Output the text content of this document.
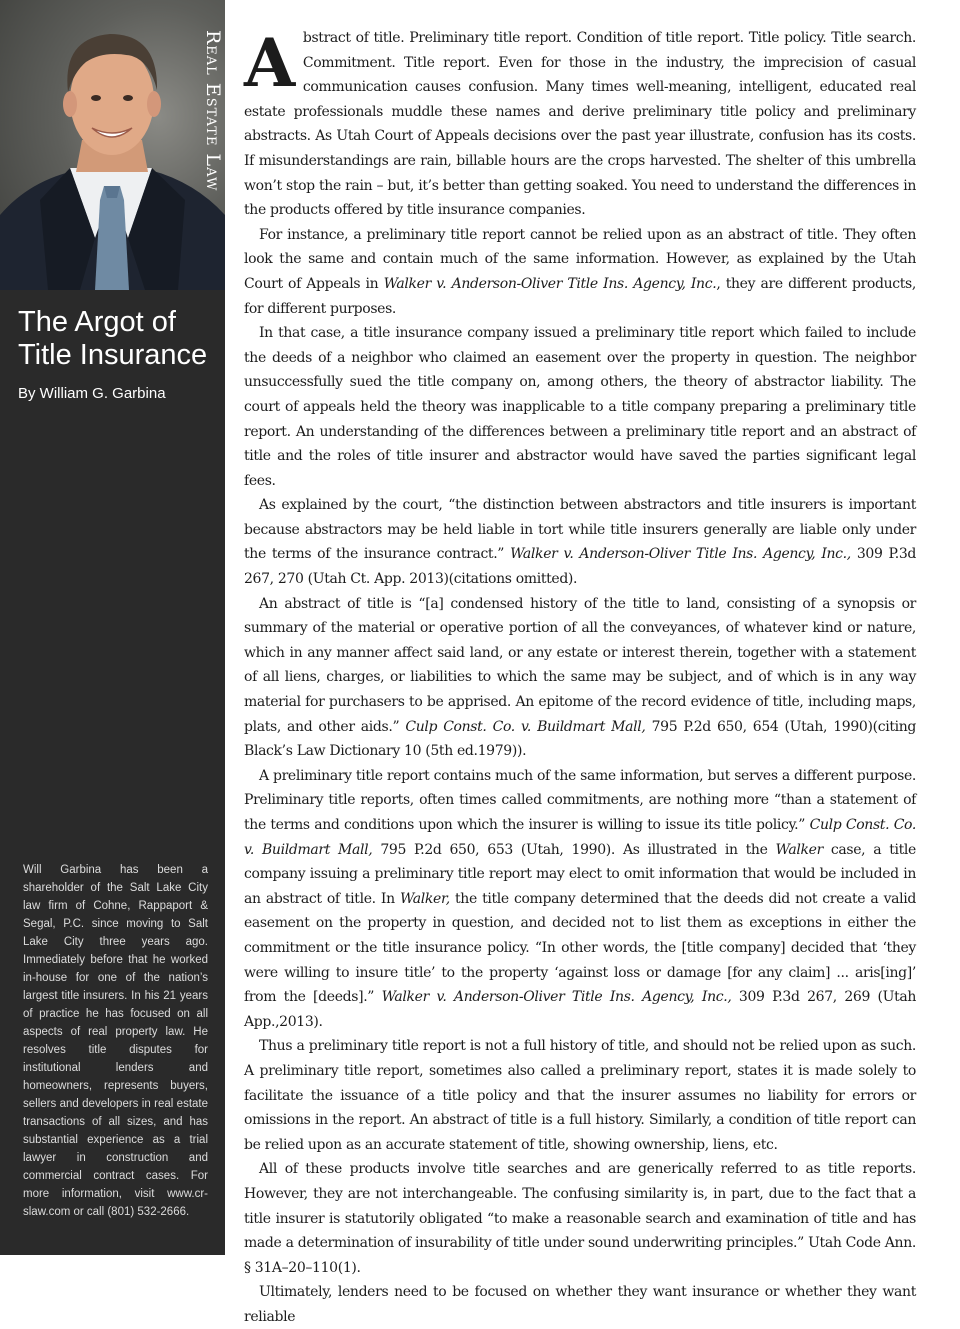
Real Estate Law
The Argot of Title Insurance
By William G. Garbina

Will Garbina has been a shareholder of the Salt Lake City law firm of Cohne, Rappaport & Segal, P.C. since moving to Salt Lake City three years ago. Immediately before that he worked in-house for one of the nation’s largest title insurers. In his 21 years of practice he has focused on all aspects of real property law. He resolves title disputes for institutional lenders and homeowners, represents buyers, sellers and developers in real estate transactions of all sizes, and has substantial experience as a trial lawyer in construction and commercial contract cases. For more information, visit www.cr-slaw.com or call (801) 532-2666.

Abstract of title. Preliminary title report. Condition of title report. Title policy. Title search. Commitment. Title report. Even for those in the industry, the imprecision of casual communication causes confusion. Many times well-meaning, intelligent, educated real estate professionals muddle these names and derive preliminary title policy and preliminary abstracts. As Utah Court of Appeals decisions over the past year illustrate, confusion has its costs. If misunderstandings are rain, billable hours are the crops harvested. The shelter of this umbrella won’t stop the rain – but, it’s better than getting soaked. You need to understand the differences in the products offered by title insurance companies.

For instance, a preliminary title report cannot be relied upon as an abstract of title. They often look the same and contain much of the same information. However, as explained by the Utah Court of Appeals in Walker v. Anderson-Oliver Title Ins. Agency, Inc., they are different products, for different purposes.

In that case, a title insurance company issued a preliminary title report which failed to include the deeds of a neighbor who claimed an easement over the property in question. The neighbor unsuccessfully sued the title company on, among others, the theory of abstractor liability. The court of appeals held the theory was inapplicable to a title company preparing a preliminary title report. An understanding of the differences between a preliminary title report and an abstract of title and the roles of title insurer and abstractor would have saved the parties significant legal fees.

As explained by the court, “the distinction between abstractors and title insurers is important because abstractors may be held liable in tort while title insurers generally are liable only under the terms of the insurance contract.” Walker v. Anderson-Oliver Title Ins. Agency, Inc., 309 P.3d 267, 270 (Utah Ct. App. 2013)(citations omitted).

An abstract of title is “[a] condensed history of the title to land, consisting of a synopsis or summary of the material or operative portion of all the conveyances, of whatever kind or nature, which in any manner affect said land, or any estate or interest therein, together with a statement of all liens, charges, or liabilities to which the same may be subject, and of which is in any way material for purchasers to be apprised. An epitome of the record evidence of title, including maps, plats, and other aids.” Culp Const. Co. v. Buildmart Mall, 795 P.2d 650, 654 (Utah, 1990)(citing Black’s Law Dictionary 10 (5th ed.1979)).

A preliminary title report contains much of the same information, but serves a different purpose. Preliminary title reports, often times called commitments, are nothing more “than a statement of the terms and conditions upon which the insurer is willing to issue its title policy.” Culp Const. Co. v. Buildmart Mall, 795 P.2d 650, 653 (Utah, 1990). As illustrated in the Walker case, a title company issuing a preliminary title report may elect to omit information that would be included in an abstract of title. In Walker, the title company determined that the deeds did not create a valid easement on the property in question, and decided not to list them as exceptions in either the commitment or the title insurance policy. “In other words, the [title company] decided that ‘they were willing to insure title’ to the property ‘against loss or damage [for any claim] ... aris[ing]’ from the [deeds].” Walker v. Anderson-Oliver Title Ins. Agency, Inc., 309 P.3d 267, 269 (Utah App.,2013).

Thus a preliminary title report is not a full history of title, and should not be relied upon as such. A preliminary title report, sometimes also called a preliminary report, states it is made solely to facilitate the issuance of a title policy and that the insurer assumes no liability for errors or omissions in the report. An abstract of title is a full history. Similarly, a condition of title report can be relied upon as an accurate statement of title, showing ownership, liens, etc.

All of these products involve title searches and are generically referred to as title reports. However, they are not interchangeable. The confusing similarity is, in part, due to the fact that a title insurer is statutorily obligated “to make a reasonable search and examination of title and has made a determination of insurability of title under sound underwriting principles.” Utah Code Ann. § 31A–20–110(1).

Ultimately, lenders need to be focused on whether they want insurance or whether they want reliable
